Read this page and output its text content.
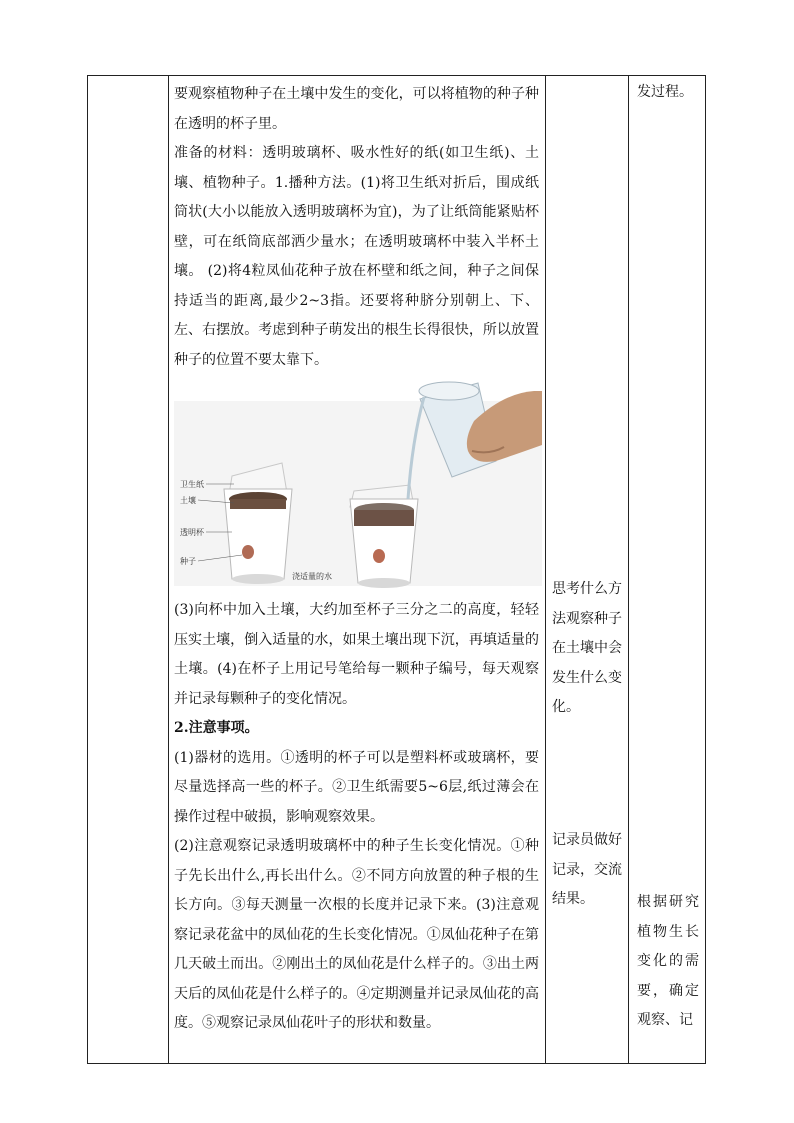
要观察植物种子在土壤中发生的变化，可以将植物的种子种在透明的杯子里。

准备的材料：透明玻璃杯、吸水性好的纸(如卫生纸)、土壤、植物种子。1.播种方法。(1)将卫生纸对折后，围成纸筒状(大小以能放入透明玻璃杯为宜)，为了让纸筒能紧贴杯壁，可在纸筒底部洒少量水；在透明玻璃杯中装入半杯土壤。 (2)将4粒凤仙花种子放在杯壁和纸之间，种子之间保持适当的距离,最少2~3指。还要将种脐分别朝上、下、左、右摆放。考虑到种子萌发出的根生长得很快，所以放置种子的位置不要太靠下。

卫生纸
土壤
透明杯
种子
浇适量的水

(3)向杯中加入土壤，大约加至杯子三分之二的高度，轻轻压实土壤，倒入适量的水，如果土壤出现下沉，再填适量的土壤。(4)在杯子上用记号笔给每一颗种子编号，每天观察并记录每颗种子的变化情况。

2.注意事项。

(1)器材的选用。①透明的杯子可以是塑料杯或玻璃杯，要尽量选择高一些的杯子。②卫生纸需要5~6层,纸过薄会在操作过程中破损，影响观察效果。

(2)注意观察记录透明玻璃杯中的种子生长变化情况。①种子先长出什么,再长出什么。②不同方向放置的种子根的生长方向。③每天测量一次根的长度并记录下来。(3)注意观察记录花盆中的凤仙花的生长变化情况。①凤仙花种子在第几天破土而出。②刚出土的凤仙花是什么样子的。③出土两天后的凤仙花是什么样子的。④定期测量并记录凤仙花的高度。⑤观察记录凤仙花叶子的形状和数量。

思考什么方法观察种子在土壤中会发生什么变化。

记录员做好记录，交流结果。

发过程。

根据研究植物生长变化的需要，确定观察、记
